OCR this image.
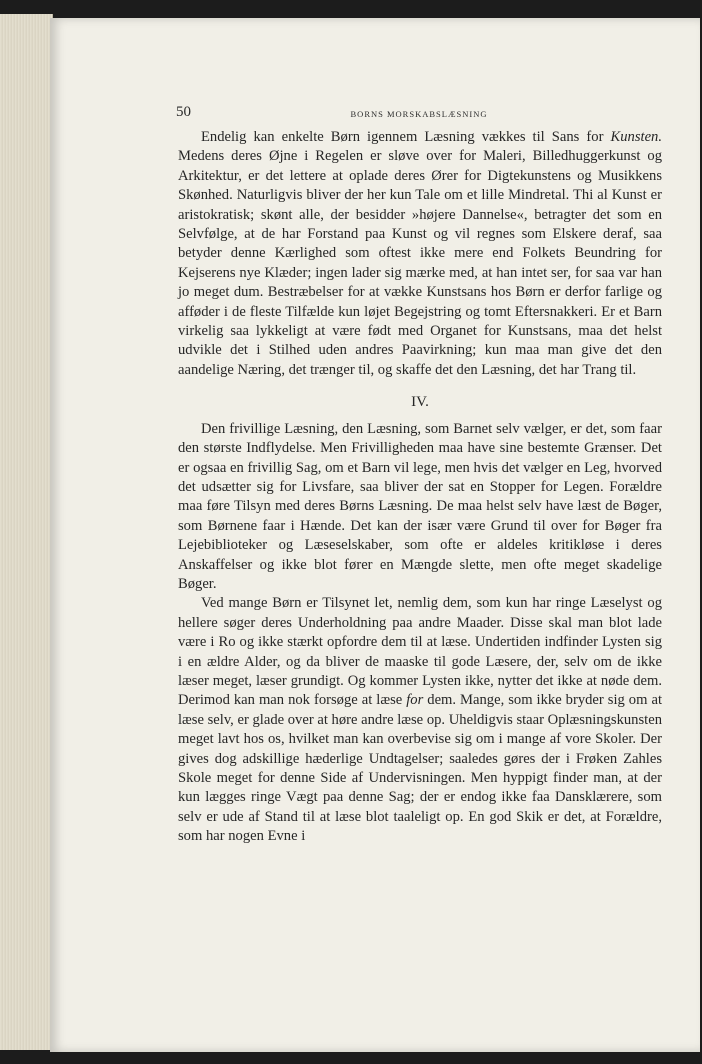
50	BORNS MORSKABSLÆSNING

Endelig kan enkelte Børn igennem Læsning vækkes til Sans for Kunsten. Medens deres Øjne i Regelen er sløve over for Maleri, Billedhuggerkunst og Arkitektur, er det lettere at oplade deres Ører for Digtekunstens og Musikkens Skønhed. Naturligvis bliver der her kun Tale om et lille Mindretal. Thi al Kunst er aristokratisk; skønt alle, der besidder »højere Dannelse«, betragter det som en Selvfølge, at de har Forstand paa Kunst og vil regnes som Elskere deraf, saa betyder denne Kærlighed som oftest ikke mere end Folkets Beundring for Kejserens nye Klæder; ingen lader sig mærke med, at han intet ser, for saa var han jo meget dum. Bestræbelser for at vække Kunstsans hos Børn er derfor farlige og afføder i de fleste Tilfælde kun løjet Begejstring og tomt Eftersnakkeri. Er et Barn virkelig saa lykkeligt at være født med Organet for Kunstsans, maa det helst udvikle det i Stilhed uden andres Paavirkning; kun maa man give det den aandelige Næring, det trænger til, og skaffe det den Læsning, det har Trang til.

IV.

Den frivillige Læsning, den Læsning, som Barnet selv vælger, er det, som faar den største Indflydelse. Men Frivilligheden maa have sine bestemte Grænser. Det er ogsaa en frivillig Sag, om et Barn vil lege, men hvis det vælger en Leg, hvorved det udsætter sig for Livsfare, saa bliver der sat en Stopper for Legen. Forældre maa føre Tilsyn med deres Børns Læsning. De maa helst selv have læst de Bøger, som Børnene faar i Hænde. Det kan der især være Grund til over for Bøger fra Lejebiblioteker og Læseselskaber, som ofte er aldeles kritikløse i deres Anskaffelser og ikke blot fører en Mængde slette, men ofte meget skadelige Bøger.

Ved mange Børn er Tilsynet let, nemlig dem, som kun har ringe Læselyst og hellere søger deres Underholdning paa andre Maader. Disse skal man blot lade være i Ro og ikke stærkt opfordre dem til at læse. Undertiden indfinder Lysten sig i en ældre Alder, og da bliver de maaske til gode Læsere, der, selv om de ikke læser meget, læser grundigt. Og kommer Lysten ikke, nytter det ikke at nøde dem. Derimod kan man nok forsøge at læse for dem. Mange, som ikke bryder sig om at læse selv, er glade over at høre andre læse op. Uheldigvis staar Oplæsningskunsten meget lavt hos os, hvilket man kan overbevise sig om i mange af vore Skoler. Der gives dog adskillige hæderlige Undtagelser; saaledes gøres der i Frøken Zahles Skole meget for denne Side af Undervisningen. Men hyppigt finder man, at der kun lægges ringe Vægt paa denne Sag; der er endog ikke faa Dansklærere, som selv er ude af Stand til at læse blot taaleligt op. En god Skik er det, at Forældre, som har nogen Evne i
